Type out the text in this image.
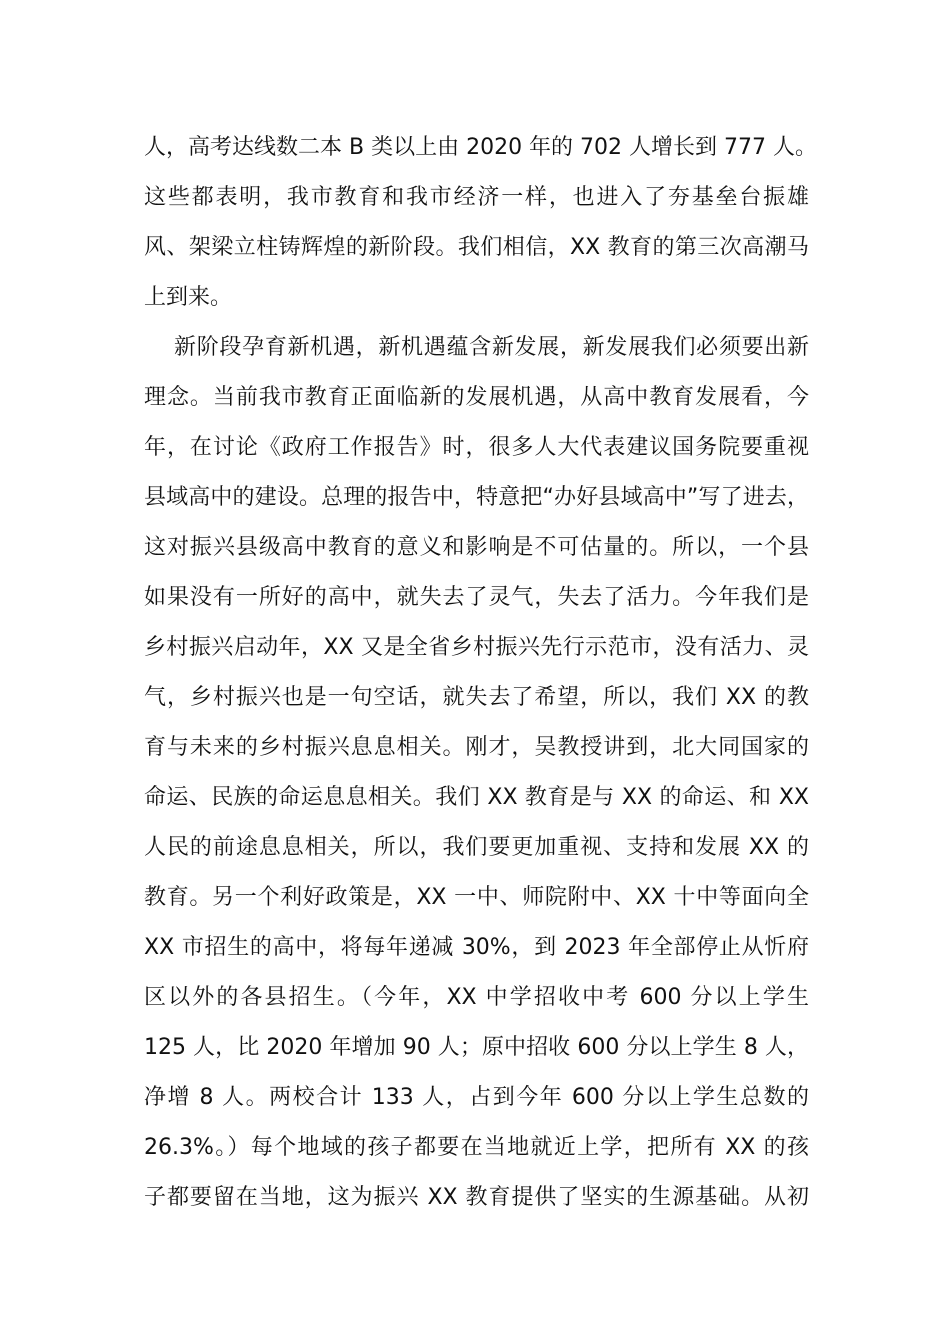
人，高考达线数二本 B 类以上由 2020 年的 702 人增长到 777 人。
这些都表明，我市教育和我市经济一样，也进入了夯基垒台振雄
风、架梁立柱铸辉煌的新阶段。我们相信，XX 教育的第三次高潮马
上到来。
新阶段孕育新机遇，新机遇蕴含新发展，新发展我们必须要出新
理念。当前我市教育正面临新的发展机遇，从高中教育发展看，今
年，在讨论《政府工作报告》时，很多人大代表建议国务院要重视
县域高中的建设。总理的报告中，特意把“办好县域高中”写了进去，
这对振兴县级高中教育的意义和影响是不可估量的。所以，一个县
如果没有一所好的高中，就失去了灵气，失去了活力。今年我们是
乡村振兴启动年，XX 又是全省乡村振兴先行示范市，没有活力、灵
气，乡村振兴也是一句空话，就失去了希望，所以，我们 XX 的教
育与未来的乡村振兴息息相关。刚才，吴教授讲到，北大同国家的
命运、民族的命运息息相关。我们 XX 教育是与 XX 的命运、和 XX
人民的前途息息相关，所以，我们要更加重视、支持和发展 XX 的
教育。另一个利好政策是，XX 一中、师院附中、XX 十中等面向全
XX 市招生的高中，将每年递减 30%，到 2023 年全部停止从忻府
区以外的各县招生。（今年，XX 中学招收中考 600 分以上学生
125 人，比 2020 年增加 90 人；原中招收 600 分以上学生 8 人，
净增 8 人。两校合计 133 人，占到今年 600 分以上学生总数的
26.3%。）每个地域的孩子都要在当地就近上学，把所有 XX 的孩
子都要留在当地，这为振兴 XX 教育提供了坚实的生源基础。从初
